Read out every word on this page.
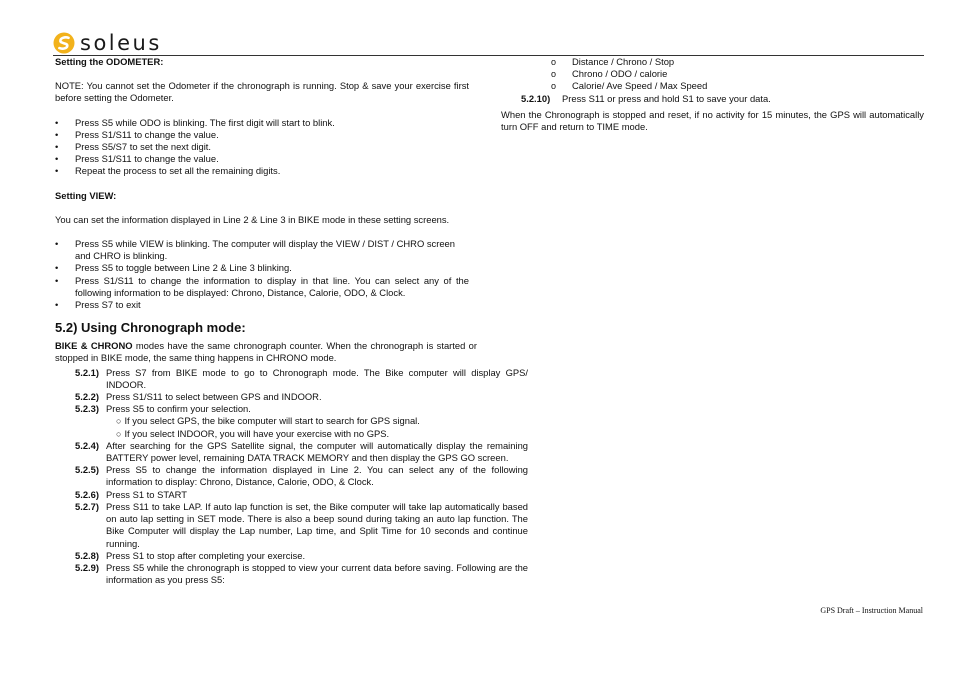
soleus

Setting the ODOMETER:

NOTE: You cannot set the Odometer if the chronograph is running. Stop & save your exercise first before setting the Odometer.

• Press S5 while ODO is blinking. The first digit will start to blink.
• Press S1/S11 to change the value.
• Press S5/S7 to set the next digit.
• Press S1/S11 to change the value.
• Repeat the process to set all the remaining digits.

Setting VIEW:

You can set the information displayed in Line 2 & Line 3 in BIKE mode in these setting screens.

• Press S5 while VIEW is blinking. The computer will display the VIEW / DIST / CHRO screen and CHRO is blinking.
• Press S5 to toggle between Line 2 & Line 3 blinking.
• Press S1/S11 to change the information to display in that line. You can select any of the following information to be displayed: Chrono, Distance, Calorie, ODO, & Clock.
• Press S7 to exit

5.2) Using Chronograph mode:

BIKE & CHRONO modes have the same chronograph counter. When the chronograph is started or stopped in BIKE mode, the same thing happens in CHRONO mode.

5.2.1) Press S7 from BIKE mode to go to Chronograph mode. The Bike computer will display GPS/ INDOOR.
5.2.2) Press S1/S11 to select between GPS and INDOOR.
5.2.3) Press S5 to confirm your selection.
○ If you select GPS, the bike computer will start to search for GPS signal.
○ If you select INDOOR, you will have your exercise with no GPS.
5.2.4) After searching for the GPS Satellite signal, the computer will automatically display the remaining BATTERY power level, remaining DATA TRACK MEMORY and then display the GPS GO screen.
5.2.5) Press S5 to change the information displayed in Line 2. You can select any of the following information to display: Chrono, Distance, Calorie, ODO, & Clock.
5.2.6) Press S1 to START
5.2.7) Press S11 to take LAP. If auto lap function is set, the Bike computer will take lap automatically based on auto lap setting in SET mode. There is also a beep sound during taking an auto lap function. The Bike Computer will display the Lap number, Lap time, and Split Time for 10 seconds and continue running.
5.2.8) Press S1 to stop after completing your exercise.
5.2.9) Press S5 while the chronograph is stopped to view your current data before saving. Following are the information as you press S5:
o Distance / Chrono / Stop
o Chrono / ODO / calorie
o Calorie/ Ave Speed / Max Speed
5.2.10) Press S11 or press and hold S1 to save your data.

When the Chronograph is stopped and reset, if no activity for 15 minutes, the GPS will automatically turn OFF and return to TIME mode.

GPS Draft – Instruction Manual
